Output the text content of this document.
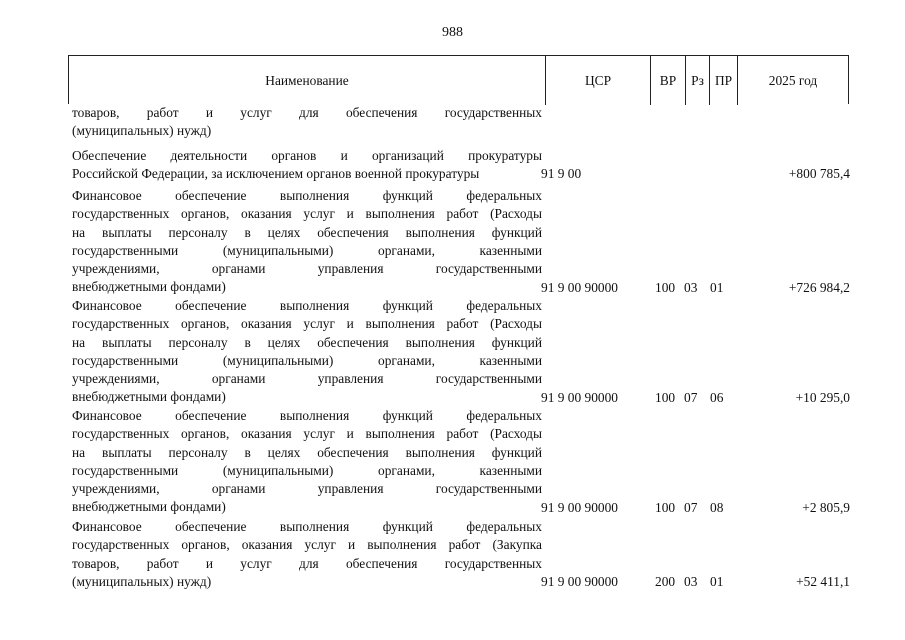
988
Наименование	ЦСР	ВР	Рз ПР	2025 год
товаров, работ и услуг для обеспечения государственных
(муниципальных) нужд)
Обеспечение деятельности органов и организаций прокуратуры
Российской Федерации, за исключением органов военной прокуратуры	91 9 00	+800 785,4
Финансовое обеспечение выполнения функций федеральных
государственных органов, оказания услуг и выполнения работ (Расходы
на выплаты персоналу в целях обеспечения выполнения функций
государственными (муниципальными) органами, казенными
учреждениями, органами управления государственными
внебюджетными фондами)	91 9 00 90000	100 03 01	+726 984,2
Финансовое обеспечение выполнения функций федеральных
государственных органов, оказания услуг и выполнения работ (Расходы
на выплаты персоналу в целях обеспечения выполнения функций
государственными (муниципальными) органами, казенными
учреждениями, органами управления государственными
внебюджетными фондами)	91 9 00 90000	100 07 06	+10 295,0
Финансовое обеспечение выполнения функций федеральных
государственных органов, оказания услуг и выполнения работ (Расходы
на выплаты персоналу в целях обеспечения выполнения функций
государственными (муниципальными) органами, казенными
учреждениями, органами управления государственными
внебюджетными фондами)	91 9 00 90000	100 07 08	+2 805,9
Финансовое обеспечение выполнения функций федеральных
государственных органов, оказания услуг и выполнения работ (Закупка
товаров, работ и услуг для обеспечения государственных
(муниципальных) нужд)	91 9 00 90000	200 03 01	+52 411,1
